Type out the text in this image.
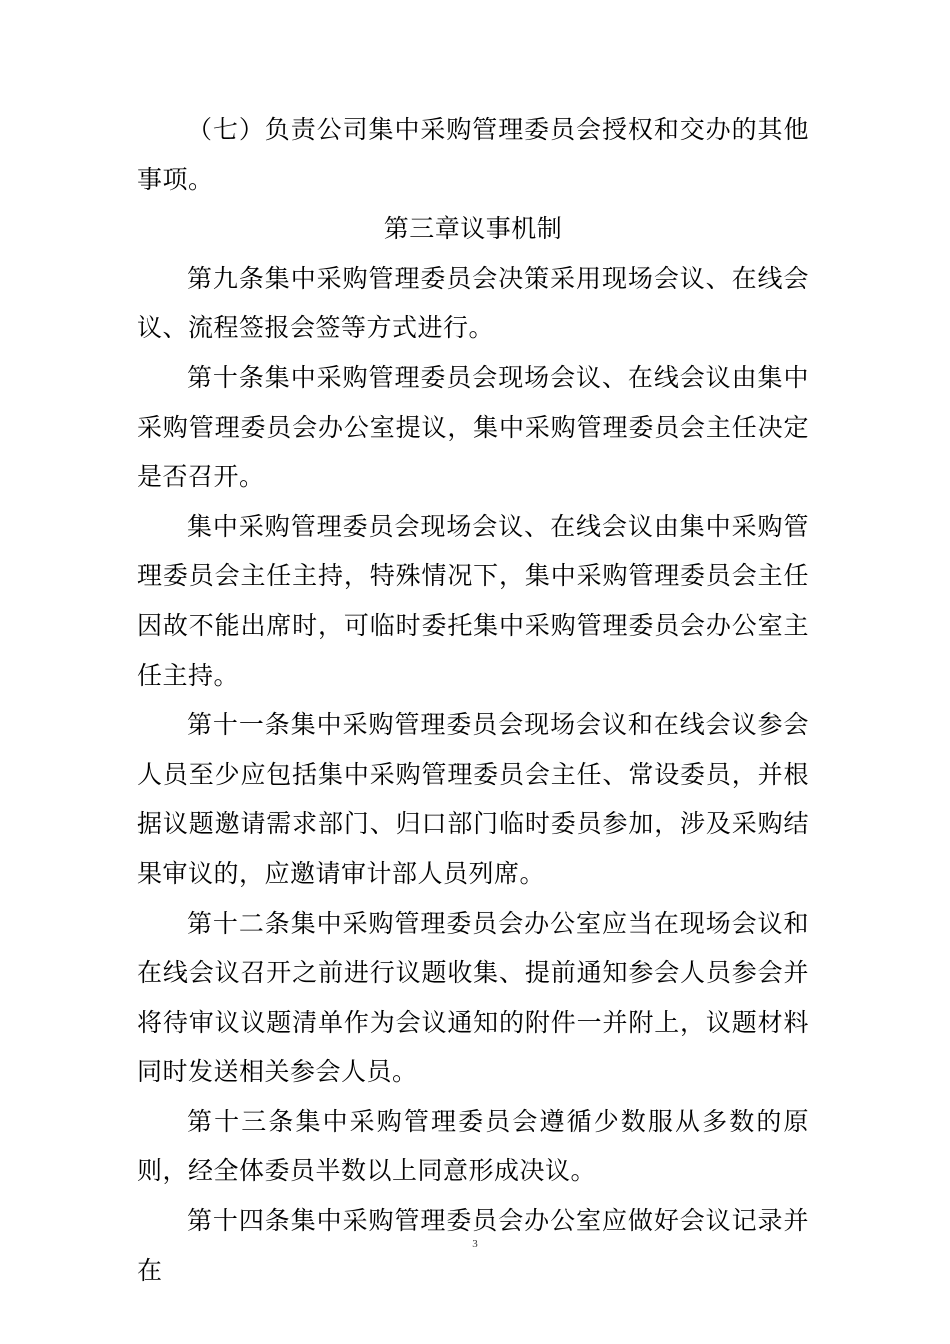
（七）负责公司集中采购管理委员会授权和交办的其他事项。

第三章议事机制

第九条集中采购管理委员会决策采用现场会议、在线会议、流程签报会签等方式进行。

第十条集中采购管理委员会现场会议、在线会议由集中采购管理委员会办公室提议，集中采购管理委员会主任决定是否召开。

集中采购管理委员会现场会议、在线会议由集中采购管理委员会主任主持，特殊情况下，集中采购管理委员会主任因故不能出席时，可临时委托集中采购管理委员会办公室主任主持。

第十一条集中采购管理委员会现场会议和在线会议参会人员至少应包括集中采购管理委员会主任、常设委员，并根据议题邀请需求部门、归口部门临时委员参加，涉及采购结果审议的，应邀请审计部人员列席。

第十二条集中采购管理委员会办公室应当在现场会议和在线会议召开之前进行议题收集、提前通知参会人员参会并将待审议议题清单作为会议通知的附件一并附上，议题材料同时发送相关参会人员。

第十三条集中采购管理委员会遵循少数服从多数的原则，经全体委员半数以上同意形成决议。

第十四条集中采购管理委员会办公室应做好会议记录并在

3
